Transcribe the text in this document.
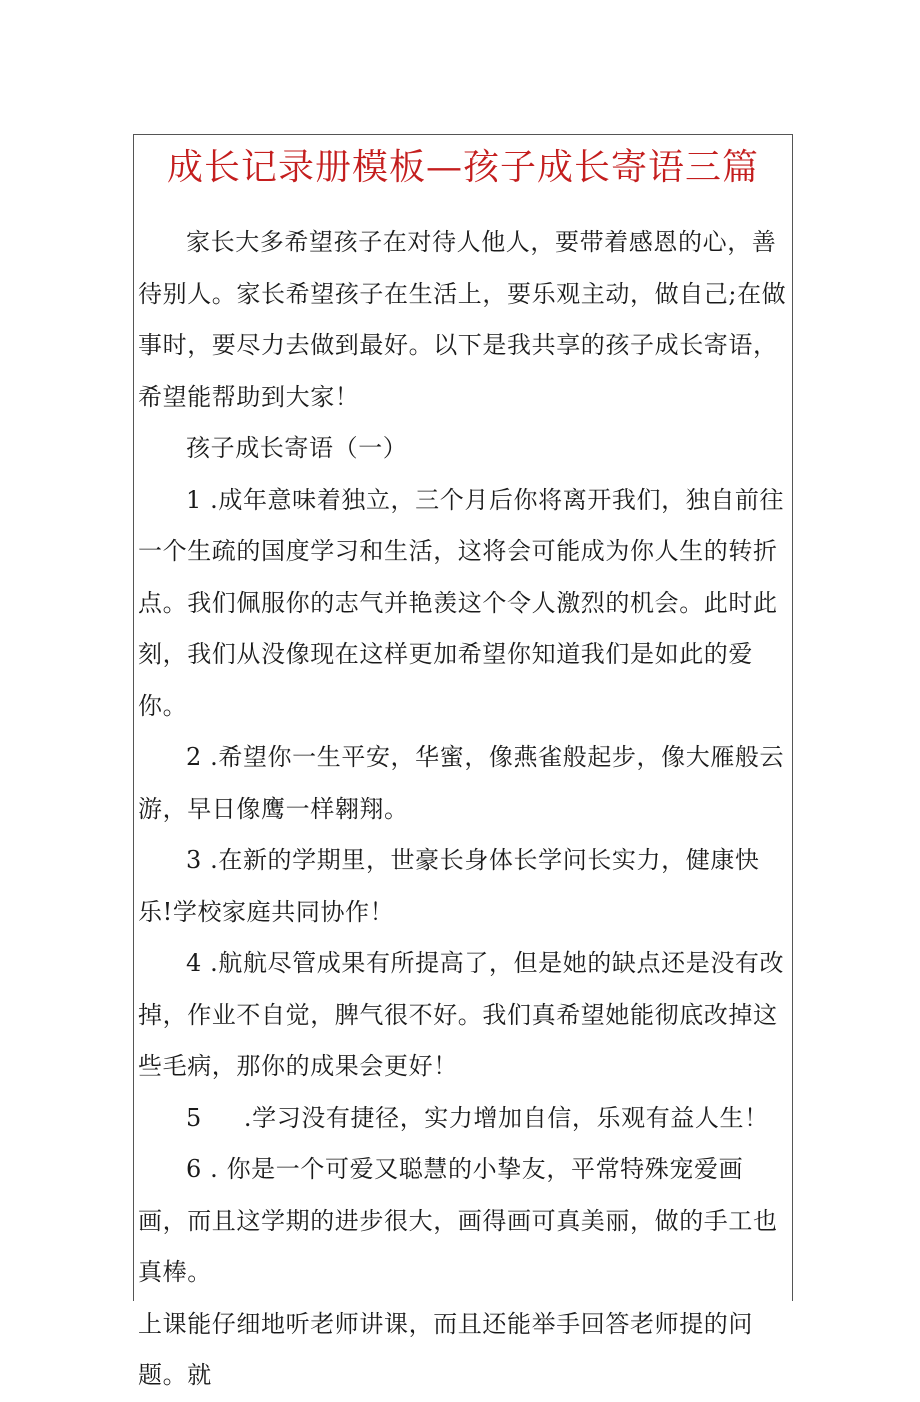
成长记录册模板—孩子成长寄语三篇

家长大多希望孩子在对待人他人，要带着感恩的心，善待别人。家长希望孩子在生活上，要乐观主动，做自己;在做事时，要尽力去做到最好。以下是我共享的孩子成长寄语，希望能帮助到大家！

孩子成长寄语（一）

1 .成年意味着独立，三个月后你将离开我们，独自前往一个生疏的国度学习和生活，这将会可能成为你人生的转折点。我们佩服你的志气并艳羡这个令人激烈的机会。此时此刻，我们从没像现在这样更加希望你知道我们是如此的爱你。

2 .希望你一生平安，华蜜，像燕雀般起步，像大雁般云游，早日像鹰一样翱翔。

3 .在新的学期里，世豪长身体长学问长实力，健康快乐!学校家庭共同协作！

4 .航航尽管成果有所提高了，但是她的缺点还是没有改掉，作业不自觉，脾气很不好。我们真希望她能彻底改掉这些毛病，那你的成果会更好！

5 .学习没有捷径，实力增加自信，乐观有益人生！

6 . 你是一个可爱又聪慧的小挚友，平常特殊宠爱画画，而且这学期的进步很大，画得画可真美丽，做的手工也真棒。

上课能仔细地听老师讲课，而且还能举手回答老师提的问题。就
